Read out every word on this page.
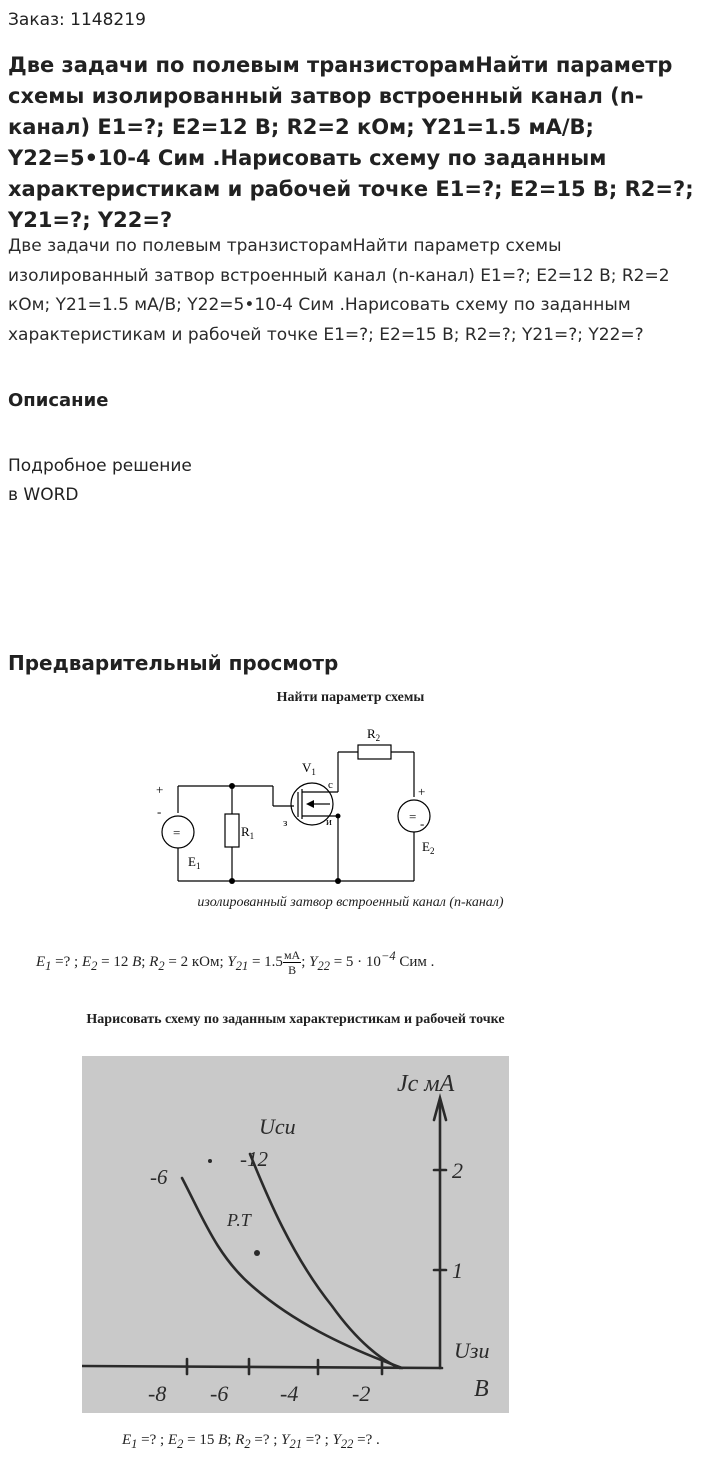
Заказ: 1148219
Две задачи по полевым транзисторамНайти параметр схемы изолированный затвор встроенный канал (n-канал) E1=?; E2=12 В; R2=2 кОм; Y21=1.5 мА/В; Y22=5•10-4 Сим .Нарисовать схему по заданным характеристикам и рабочей точке E1=?; E2=15 В; R2=?; Y21=?; Y22=?

Две задачи по полевым транзисторамНайти параметр схемы изолированный затвор встроенный канал (n-канал) E1=?; E2=12 В; R2=2 кОм; Y21=1.5 мА/В; Y22=5•10-4 Сим .Нарисовать схему по заданным характеристикам и рабочей точке E1=?; E2=15 В; R2=?; Y21=?; Y22=?

Описание
Подробное решение
в WORD
Предварительный просмотр
Найти параметр схемы
$R_2$
$R_1$
$V_1$
$E_1$
$E_2$
+
-
+
-
=
=
с
з	и
изолированный затвор встроенный канал (n-канал)
$E_1$ =? ; $E_2 = 12$ В; $R_2 = 2$ кОм; $Y_{21} = 1.5 \frac{мА}{В}$ ; $Y_{22} = 5 \cdot 10^{-4}$ Сим .
Нарисовать схему по заданным характеристикам и рабочей точке
Jс мА
Uси
-6
-12
Р.Т
2
1
Uзи
-8 -6 -4 -2	В
$E_1$ =? ; $E_2 = 15$ В; $R_2$ =? ; $Y_{21}$ =? ; $Y_{22}$ =? .
